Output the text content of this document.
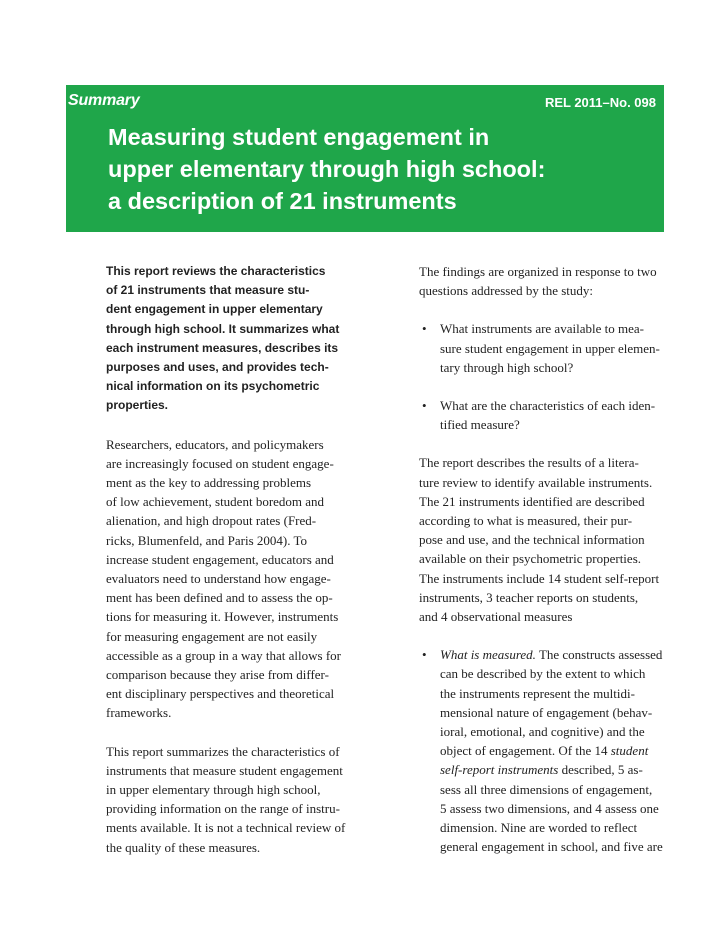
Summary	REL 2011–No. 098
Measuring student engagement in
upper elementary through high school:
a description of 21 instruments
This report reviews the characteristics
of 21 instruments that measure stu-
dent engagement in upper elementary
through high school. It summarizes what
each instrument measures, describes its
purposes and uses, and provides tech-
nical information on its psychometric
properties.

Researchers, educators, and policymakers
are increasingly focused on student engage-
ment as the key to addressing problems
of low achievement, student boredom and
alienation, and high dropout rates (Fred-
ricks, Blumenfeld, and Paris 2004). To
increase student engagement, educators and
evaluators need to understand how engage-
ment has been defined and to assess the op-
tions for measuring it. However, instruments
for measuring engagement are not easily
accessible as a group in a way that allows for
comparison because they arise from differ-
ent disciplinary perspectives and theoretical
frameworks.

This report summarizes the characteristics of
instruments that measure student engagement
in upper elementary through high school,
providing information on the range of instru-
ments available. It is not a technical review of
the quality of these measures.

The findings are organized in response to two
questions addressed by the study:

• What instruments are available to mea-
sure student engagement in upper elemen-
tary through high school?
• What are the characteristics of each iden-
tified measure?

The report describes the results of a litera-
ture review to identify available instruments.
The 21 instruments identified are described
according to what is measured, their pur-
pose and use, and the technical information
available on their psychometric properties.
The instruments include 14 student self-report
instruments, 3 teacher reports on students,
and 4 observational measures

• What is measured. The constructs assessed
can be described by the extent to which
the instruments represent the multidi-
mensional nature of engagement (behav-
ioral, emotional, and cognitive) and the
object of engagement. Of the 14 student
self-report instruments described, 5 as-
sess all three dimensions of engagement,
5 assess two dimensions, and 4 assess one
dimension. Nine are worded to reflect
general engagement in school, and five are
